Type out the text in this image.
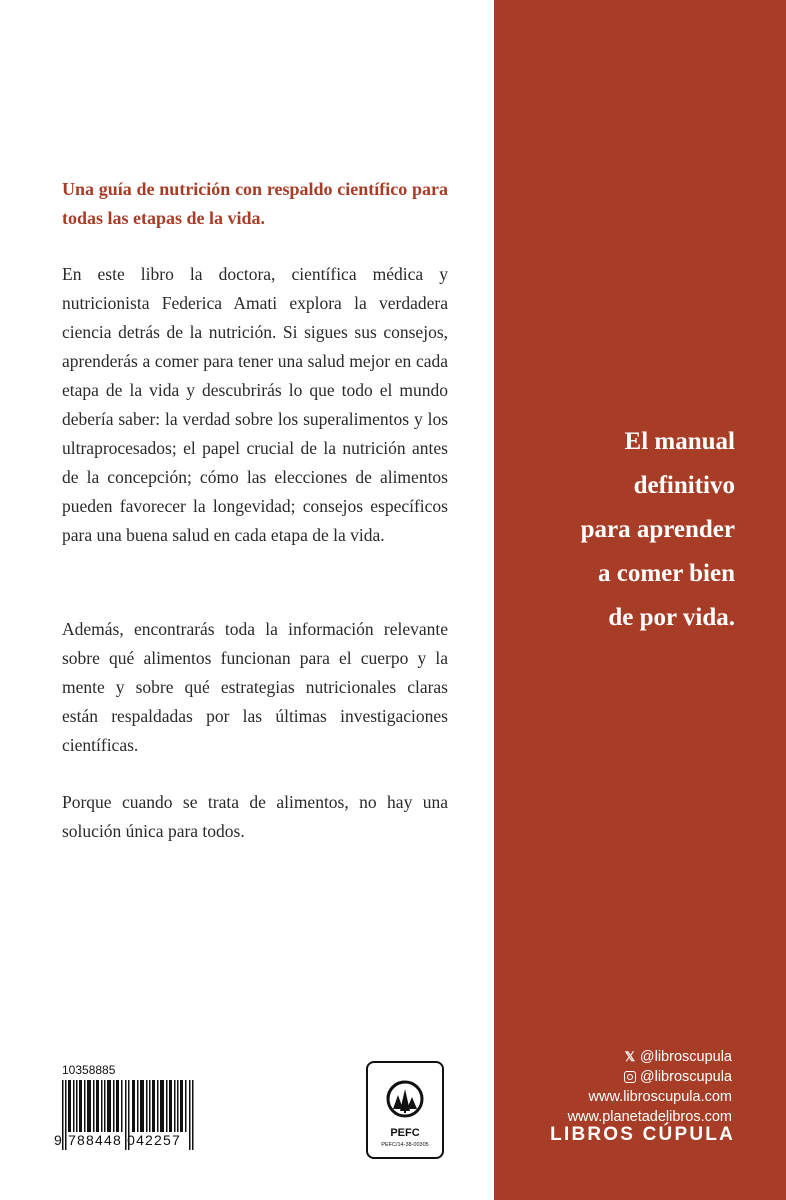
Una guía de nutrición con respaldo científico para todas las etapas de la vida.
En este libro la doctora, científica médica y nutricionista Federica Amati explora la verdadera ciencia detrás de la nutrición. Si sigues sus consejos, aprenderás a comer para tener una salud mejor en cada etapa de la vida y descubrirás lo que todo el mundo debería saber: la verdad sobre los superalimentos y los ultraprocesados; el papel crucial de la nutrición antes de la concepción; cómo las elecciones de alimentos pueden favorecer la longevidad; consejos específicos para una buena salud en cada etapa de la vida.
Además, encontrarás toda la información relevante sobre qué alimentos funcionan para el cuerpo y la mente y sobre qué estrategias nutricionales claras están respaldadas por las últimas investigaciones científicas.
Porque cuando se trata de alimentos, no hay una solución única para todos.
10358885
9 788448 042257	PEFC
PEFC/14-38-00305
El manual
definitivo
para aprender
a comer bien
de por vida.
𝕏 @libroscupula
@libroscupula
www.libroscupula.com
www.planetadelibros.com
LIBROS CÚPULA
